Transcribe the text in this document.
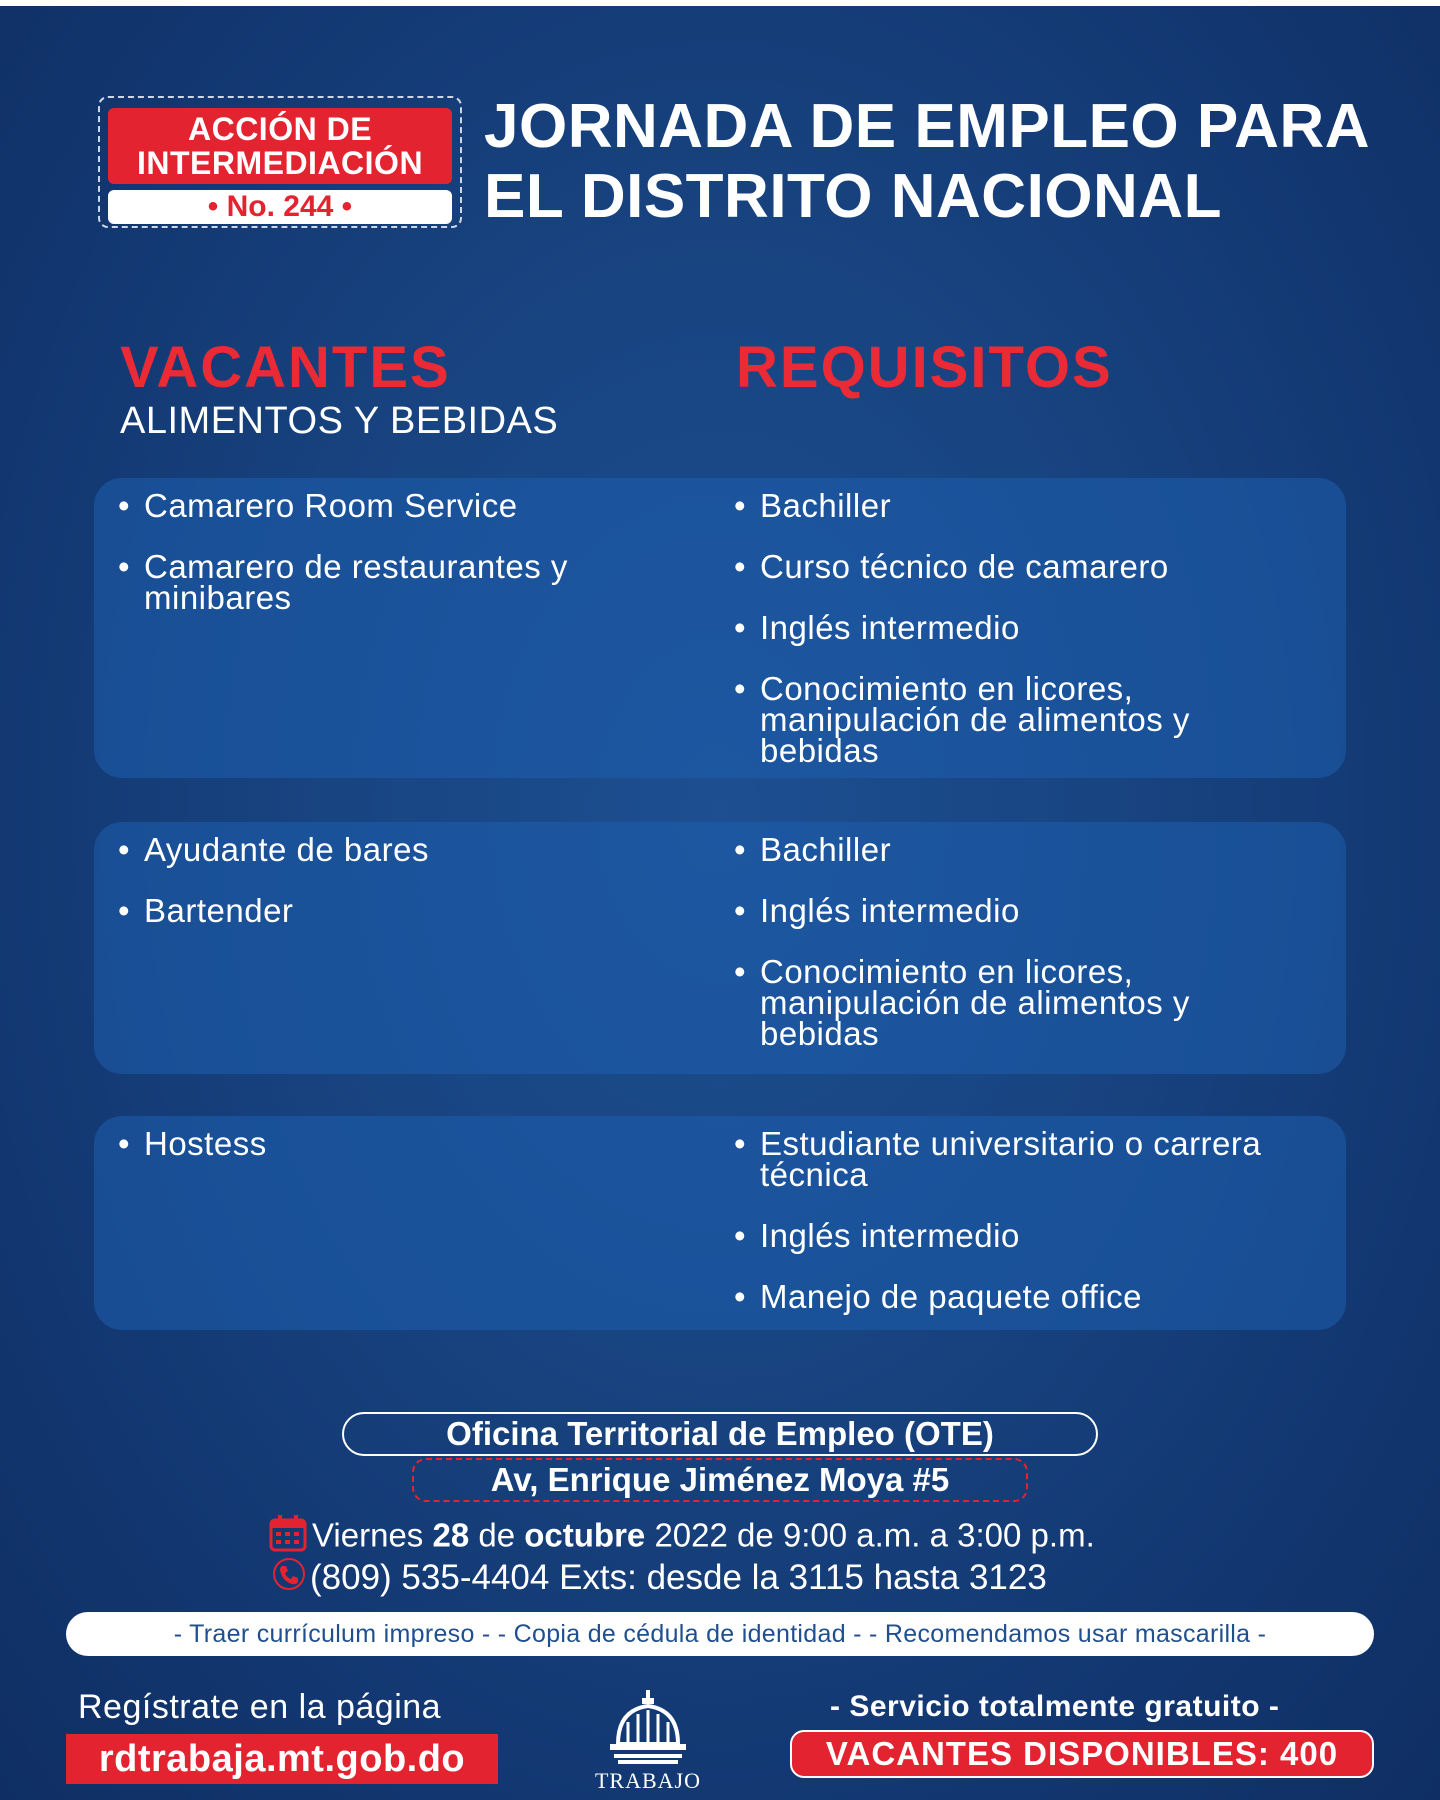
ACCIÓN DE
INTERMEDIACIÓN
• No. 244 •
JORNADA DE EMPLEO PARA
EL DISTRITO NACIONAL
VACANTES
ALIMENTOS Y BEBIDAS
REQUISITOS
• Camarero Room Service
• Camarero de restaurantes y minibares
• Bachiller
• Curso técnico de camarero
• Inglés intermedio
• Conocimiento en licores, manipulación de alimentos y bebidas
• Ayudante de bares
• Bartender
• Bachiller
• Inglés intermedio
• Conocimiento en licores, manipulación de alimentos y bebidas
• Hostess
•	Estudiante universitario o carrera técnica
• Inglés intermedio
• Manejo de paquete office
Oficina Territorial de Empleo (OTE)
Av, Enrique Jiménez Moya #5
Viernes 28 de octubre 2022 de 9:00 a.m. a 3:00 p.m.
(809) 535-4404 Exts: desde la 3115 hasta 3123
- Traer currículum impreso - - Copia de cédula de identidad - - Recomendamos usar mascarilla -
Regístrate en la página
rdtrabaja.mt.gob.do
TRABAJO
- Servicio totalmente gratuito -
VACANTES DISPONIBLES: 400
